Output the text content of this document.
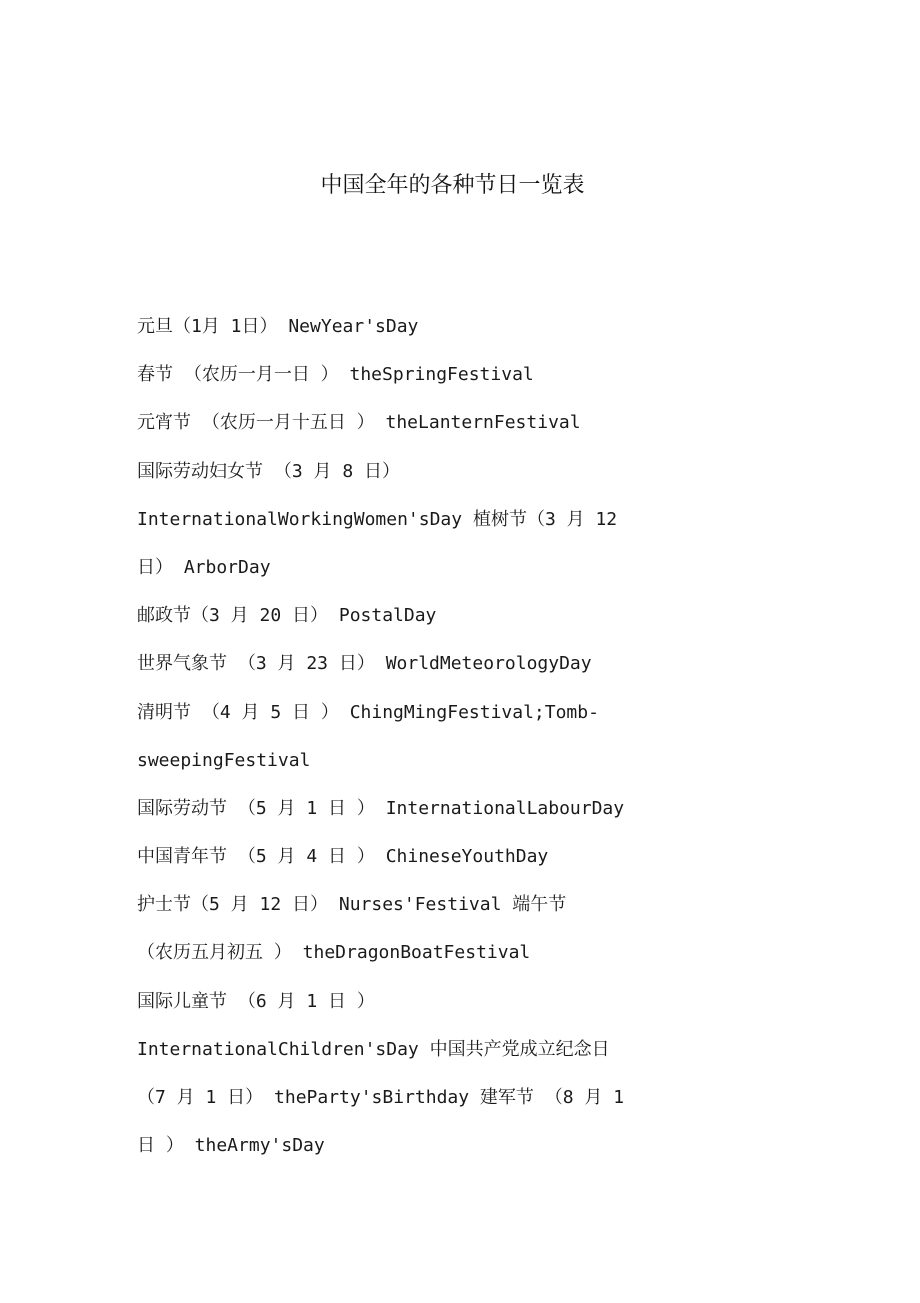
中国全年的各种节日一览表
元旦（1月 1日） NewYear'sDay
春节 （农历一月一日 ） theSpringFestival
元宵节 （农历一月十五日 ） theLanternFestival
国际劳动妇女节 （3 月 8 日）
InternationalWorkingWomen'sDay 植树节（3 月 12
日） ArborDay
邮政节（3 月 20 日） PostalDay
世界气象节 （3 月 23 日） WorldMeteorologyDay
清明节 （4 月 5 日 ） ChingMingFestival;Tomb-
sweepingFestival
国际劳动节 （5 月 1 日 ） InternationalLabourDay
中国青年节 （5 月 4 日 ） ChineseYouthDay
护士节（5 月 12 日） Nurses'Festival 端午节
（农历五月初五 ） theDragonBoatFestival
国际儿童节 （6 月 1 日 ）
InternationalChildren'sDay 中国共产党成立纪念日
（7 月 1 日） theParty'sBirthday 建军节 （8 月 1
日 ） theArmy'sDay
